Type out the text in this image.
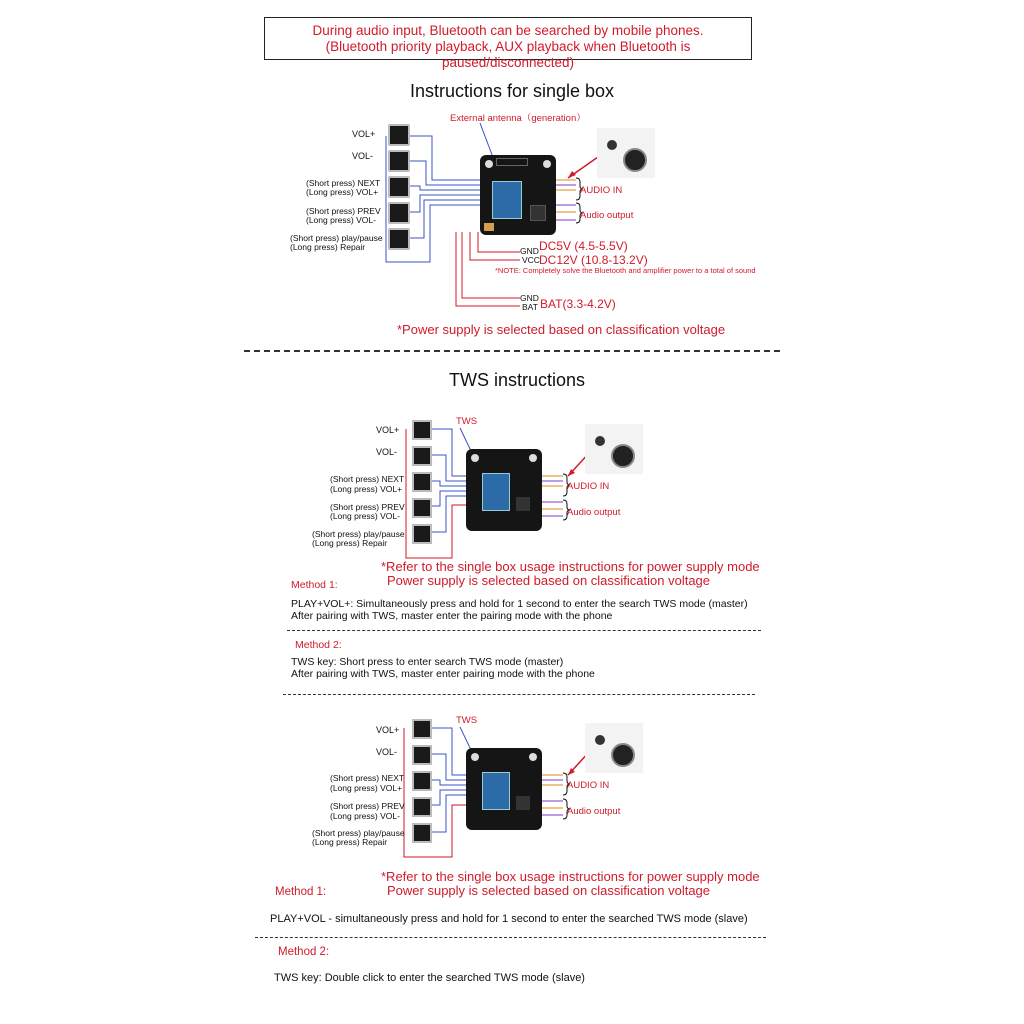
During audio input, Bluetooth can be searched by mobile phones.
(Bluetooth priority playback, AUX playback when Bluetooth is paused/disconnected)
Instructions for single box
VOL+
VOL-
(Short press) NEXT
(Long press) VOL+
(Short press) PREV
(Long press) VOL-
(Short press) play/pause
(Long press) Repair
External antenna（generation）
AUDIO IN
Audio output
GND
VCC
DC5V (4.5-5.5V)
DC12V (10.8-13.2V)
*NOTE: Completely solve the Bluetooth and amplifier power to a total of sound
GND
BAT BAT(3.3-4.2V)
*Power supply is selected based on classification voltage
TWS instructions
VOL+
VOL-
(Short press) NEXT
(Long press) VOL+
(Short press) PREV
(Long press) VOL-
(Short press) play/pause
(Long press) Repair
TWS
AUDIO IN
Audio output
*Refer to the single box usage instructions for power supply mode
Power supply is selected based on classification voltage
Method 1:
PLAY+VOL+: Simultaneously press and hold for 1 second to enter the search TWS mode (master)
After pairing with TWS, master enter the pairing mode with the phone
Method 2:
TWS key: Short press to enter search TWS mode (master)
After pairing with TWS, master enter pairing mode with the phone
VOL+
VOL-
(Short press) NEXT
(Long press) VOL+
(Short press) PREV
(Long press) VOL-
(Short press) play/pause
(Long press) Repair
TWS
AUDIO IN
Audio output
*Refer to the single box usage instructions for power supply mode
Power supply is selected based on classification voltage
Method 1:
PLAY+VOL - simultaneously press and hold for 1 second to enter the searched TWS mode (slave)
Method 2:
TWS key: Double click to enter the searched TWS mode (slave)
